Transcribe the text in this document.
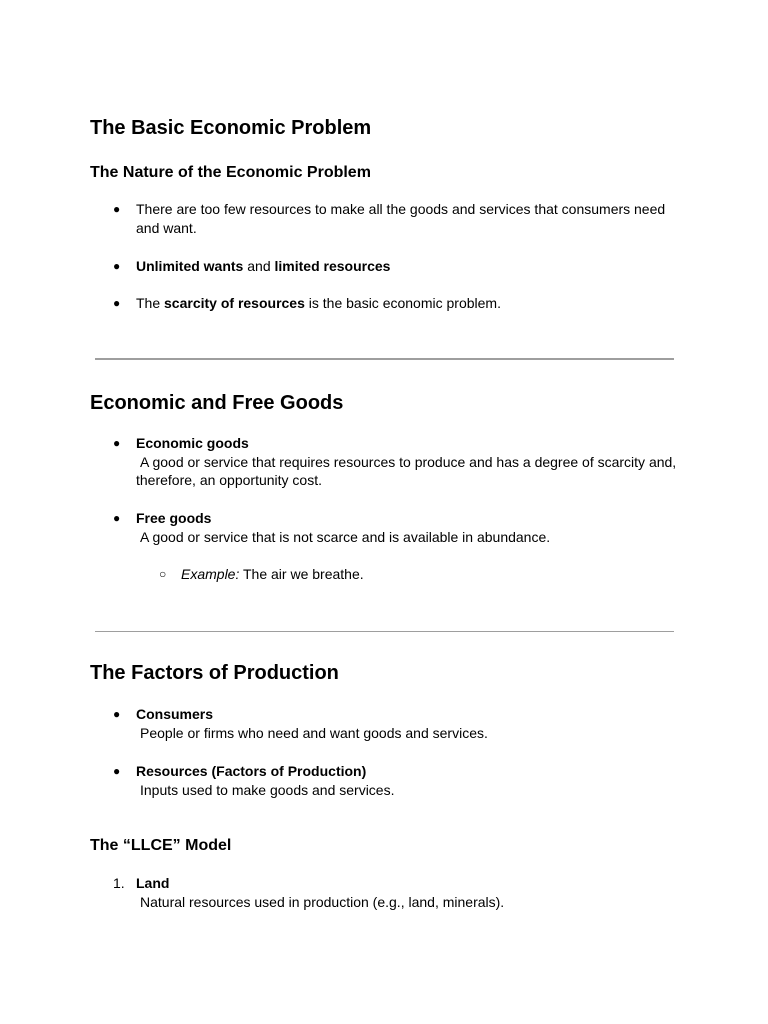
The Basic Economic Problem
The Nature of the Economic Problem
● There are too few resources to make all the goods and services that consumers need
and want.
● Unlimited wants and limited resources
● The scarcity of resources is the basic economic problem.
Economic and Free Goods
● Economic goods
A good or service that requires resources to produce and has a degree of scarcity and,
therefore, an opportunity cost.
● Free goods
A good or service that is not scarce and is available in abundance.
○ Example: The air we breathe.
The Factors of Production
● Consumers
People or firms who need and want goods and services.
● Resources (Factors of Production)
Inputs used to make goods and services.
The “LLCE” Model
1. Land
Natural resources used in production (e.g., land, minerals).
